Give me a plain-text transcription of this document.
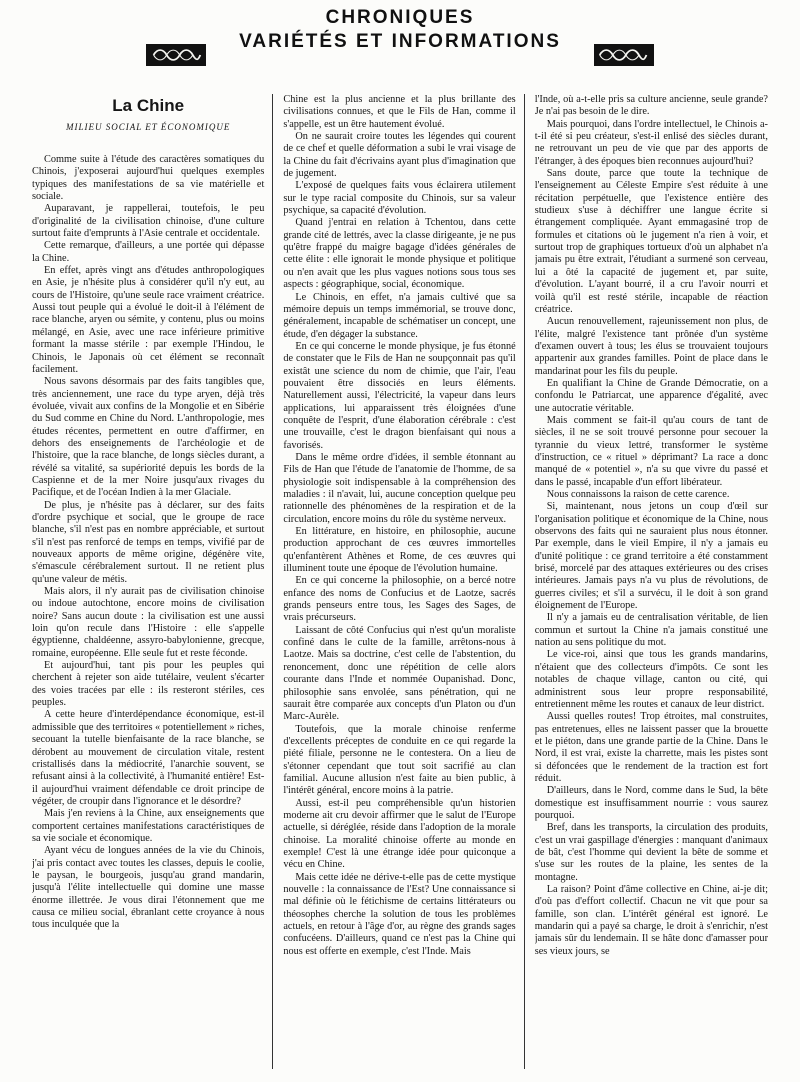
CHRONIQUES
VARIÉTÉS ET INFORMATIONS
La Chine
MILIEU SOCIAL ET ÉCONOMIQUE

Comme suite à l'étude des caractères somatiques du Chinois, j'exposerai aujourd'hui quelques exemples typiques des manifestations de sa vie matérielle et sociale.

Auparavant, je rappellerai, toutefois, le peu d'originalité de la civilisation chinoise, d'une culture surtout faite d'emprunts à l'Asie centrale et occidentale.

Cette remarque, d'ailleurs, a une portée qui dépasse la Chine.

En effet, après vingt ans d'études anthropologiques en Asie, je n'hésite plus à considérer qu'il n'y eut, au cours de l'Histoire, qu'une seule race vraiment créatrice. Aussi tout peuple qui a évolué le doit-il à l'élément de race blanche, aryen ou sémite, y contenu, plus ou moins mélangé, en Asie, avec une race inférieure primitive formant la masse stérile : par exemple l'Hindou, le Chinois, le Japonais où cet élément se reconnaît facilement.

Nous savons désormais par des faits tangibles que, très anciennement, une race du type aryen, déjà très évoluée, vivait aux confins de la Mongolie et en Sibérie du Sud comme en Chine du Nord. L'anthropologie, mes études récentes, permettent en outre d'affirmer, en dehors des enseignements de l'archéologie et de l'histoire, que la race blanche, de longs siècles durant, a révélé sa vitalité, sa supériorité depuis les bords de la Caspienne et de la mer Noire jusqu'aux rivages du Pacifique, et de l'océan Indien à la mer Glaciale.

De plus, je n'hésite pas à déclarer, sur des faits d'ordre psychique et social, que le groupe de race blanche, s'il n'est pas en nombre appréciable, et surtout s'il n'est pas renforcé de temps en temps, vivifié par de nouveaux apports de même origine, dégénère vite, s'émascule cérébralement surtout. Il ne retient plus qu'une valeur de métis.

Mais alors, il n'y aurait pas de civilisation chinoise ou indoue autochtone, encore moins de civilisation noire? Sans aucun doute : la civilisation est une aussi loin qu'on recule dans l'Histoire : elle s'appelle égyptienne, chaldéenne, assyro-babylonienne, grecque, romaine, européenne. Elle seule fut et reste féconde.

Et aujourd'hui, tant pis pour les peuples qui cherchent à rejeter son aide tutélaire, veulent s'écarter des voies tracées par elle : ils resteront stériles, ces peuples.

A cette heure d'interdépendance économique, est-il admissible que des territoires « potentiellement » riches, secouant la tutelle bienfaisante de la race blanche, se dérobent au mouvement de circulation vitale, restent cristallisés dans la médiocrité, l'anarchie souvent, se refusant ainsi à la collectivité, à l'humanité entière! Est-il aujourd'hui vraiment défendable ce droit principe de végéter, de croupir dans l'ignorance et le désordre?

Mais j'en reviens à la Chine, aux enseignements que comportent certaines manifestations caractéristiques de sa vie sociale et économique.

Ayant vécu de longues années de la vie du Chinois, j'ai pris contact avec toutes les classes, depuis le coolie, le paysan, le bourgeois, jusqu'au grand mandarin, jusqu'à l'élite intellectuelle qui domine une masse énorme illettrée. Je vous dirai l'étonnement que me causa ce milieu social, ébranlant cette croyance à nous tous inculquée que la

Chine est la plus ancienne et la plus brillante des civilisations connues, et que le Fils de Han, comme il s'appelle, est un être hautement évolué.

On ne saurait croire toutes les légendes qui courent de ce chef et quelle déformation a subi le vrai visage de la Chine du fait d'écrivains ayant plus d'imagination que de jugement.

L'exposé de quelques faits vous éclairera utilement sur le type racial composite du Chinois, sur sa valeur psychique, sa capacité d'évolution.

Quand j'entrai en relation à Tchentou, dans cette grande cité de lettrés, avec la classe dirigeante, je ne pus qu'être frappé du maigre bagage d'idées générales de cette élite : elle ignorait le monde physique et politique ou n'en avait que les plus vagues notions sous tous ses aspects : géographique, social, économique.

Le Chinois, en effet, n'a jamais cultivé que sa mémoire depuis un temps immémorial, se trouve donc, généralement, incapable de schématiser un concept, une étude, d'en dégager la substance.

En ce qui concerne le monde physique, je fus étonné de constater que le Fils de Han ne soupçonnait pas qu'il existât une science du nom de chimie, que l'air, l'eau pouvaient être dissociés en leurs éléments. Naturellement aussi, l'électricité, la vapeur dans leurs applications, lui apparaissent très éloignées d'une conquête de l'esprit, d'une élaboration cérébrale : c'est une trouvaille, c'est le dragon bienfaisant qui nous a favorisés.

Dans le même ordre d'idées, il semble étonnant au Fils de Han que l'étude de l'anatomie de l'homme, de sa physiologie soit indispensable à la compréhension des maladies : il n'avait, lui, aucune conception quelque peu rationnelle des phénomènes de la respiration et de la circulation, encore moins du rôle du système nerveux.

En littérature, en histoire, en philosophie, aucune production approchant de ces œuvres immortelles qu'enfantèrent Athènes et Rome, de ces œuvres qui illuminent toute une époque de l'évolution humaine.

En ce qui concerne la philosophie, on a bercé notre enfance des noms de Confucius et de Laotze, sacrés grands penseurs entre tous, les Sages des Sages, de vrais précurseurs.

Laissant de côté Confucius qui n'est qu'un moraliste confiné dans le culte de la famille, arrêtons-nous à Laotze. Mais sa doctrine, c'est celle de l'abstention, du renoncement, donc une répétition de celle alors courante dans l'Inde et nommée Oupanishad. Donc, philosophie sans envolée, sans pénétration, qui ne saurait être comparée aux concepts d'un Platon ou d'un Marc-Aurèle.

Toutefois, que la morale chinoise renferme d'excellents préceptes de conduite en ce qui regarde la piété filiale, personne ne le contestera. On a lieu de s'étonner cependant que tout soit sacrifié au clan familial. Aucune allusion n'est faite au bien public, à l'intérêt général, encore moins à la patrie.

Aussi, est-il peu compréhensible qu'un historien moderne ait cru devoir affirmer que le salut de l'Europe actuelle, si déréglée, réside dans l'adoption de la morale chinoise. La moralité chinoise offerte au monde en exemple! C'est là une étrange idée pour quiconque a vécu en Chine.

Mais cette idée ne dérive-t-elle pas de cette mystique nouvelle : la connaissance de l'Est? Une connaissance si mal définie où le fétichisme de certains littérateurs ou théosophes cherche la solution de tous les problèmes actuels, en retour à l'âge d'or, au règne des grands sages confucéens. D'ailleurs, quand ce n'est pas la Chine qui nous est offerte en exemple, c'est l'Inde. Mais

l'Inde, où a-t-elle pris sa culture ancienne, seule grande? Je n'ai pas besoin de le dire.

Mais pourquoi, dans l'ordre intellectuel, le Chinois a-t-il été si peu créateur, s'est-il enlisé des siècles durant, ne retrouvant un peu de vie que par des apports de l'étranger, à des époques bien reconnues aujourd'hui?

Sans doute, parce que toute la technique de l'enseignement au Céleste Empire s'est réduite à une récitation perpétuelle, que l'existence entière des studieux s'use à déchiffrer une langue écrite si étrangement compliquée. Ayant emmagasiné trop de formules et citations où le jugement n'a rien à voir, et surtout trop de graphiques tortueux d'où un alphabet n'a jamais pu être extrait, l'étudiant a surmené son cerveau, lui a ôté la capacité de jugement et, par suite, d'évolution. L'ayant bourré, il a cru l'avoir nourri et voilà qu'il est resté stérile, incapable de réaction créatrice.

Aucun renouvellement, rajeunissement non plus, de l'élite, malgré l'existence tant prônée d'un système d'examen ouvert à tous; les élus se trouvaient toujours appartenir aux grandes familles. Point de place dans le mandarinat pour les fils du peuple.

En qualifiant la Chine de Grande Démocratie, on a confondu le Patriarcat, une apparence d'égalité, avec une autocratie véritable.

Mais comment se fait-il qu'au cours de tant de siècles, il ne se soit trouvé personne pour secouer la tyrannie du vieux lettré, transformer le système d'instruction, ce « rituel » déprimant? La race a donc manqué de « potentiel », n'a su que vivre du passé et dans le passé, incapable d'un effort libérateur.

Nous connaissons la raison de cette carence.

Si, maintenant, nous jetons un coup d'œil sur l'organisation politique et économique de la Chine, nous observons des faits qui ne sauraient plus nous étonner. Par exemple, dans le vieil Empire, il n'y a jamais eu d'unité politique : ce grand territoire a été constamment brisé, morcelé par des attaques extérieures ou des crises intérieures. Jamais pays n'a vu plus de révolutions, de guerres civiles; et s'il a survécu, il le doit à son grand éloignement de l'Europe.

Il n'y a jamais eu de centralisation véritable, de lien commun et surtout la Chine n'a jamais constitué une nation au sens politique du mot.

Le vice-roi, ainsi que tous les grands mandarins, n'étaient que des collecteurs d'impôts. Ce sont les notables de chaque village, canton ou cité, qui administrent sous leur propre responsabilité, entretiennent même les routes et canaux de leur district.

Aussi quelles routes! Trop étroites, mal construites, pas entretenues, elles ne laissent passer que la brouette et le piéton, dans une grande partie de la Chine. Dans le Nord, il est vrai, existe la charrette, mais les pistes sont si défoncées que le rendement de la traction est fort réduit.

D'ailleurs, dans le Nord, comme dans le Sud, la bête domestique est insuffisamment nourrie : vous saurez pourquoi.

Bref, dans les transports, la circulation des produits, c'est un vrai gaspillage d'énergies : manquant d'animaux de bât, c'est l'homme qui devient la bête de somme et s'use sur les routes de la plaine, les sentes de la montagne.

La raison? Point d'âme collective en Chine, ai-je dit; d'où pas d'effort collectif. Chacun ne vit que pour sa famille, son clan. L'intérêt général est ignoré. Le mandarin qui a payé sa charge, le droit à s'enrichir, n'est jamais sûr du lendemain. Il se hâte donc d'amasser pour ses vieux jours, se
